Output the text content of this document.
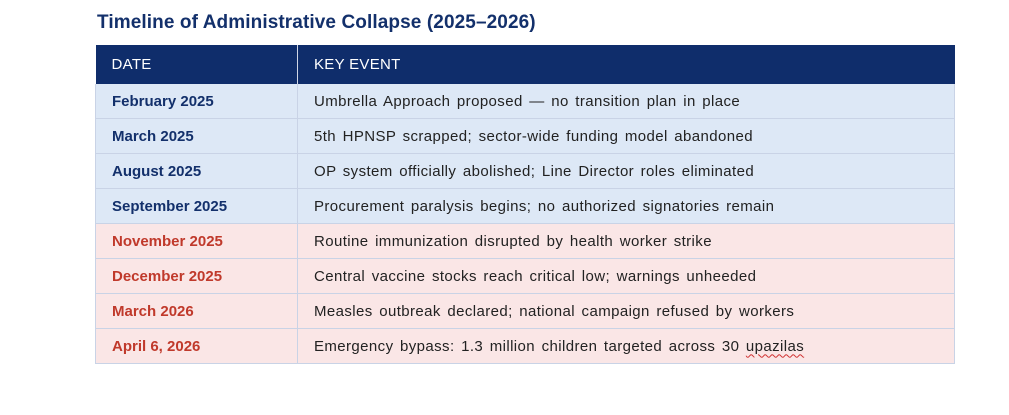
Timeline of Administrative Collapse (2025–2026)
DATE	KEY EVENT
February 2025	Umbrella Approach proposed — no transition plan in place
March 2025	5th HPNSP scrapped; sector-wide funding model abandoned
August 2025	OP system officially abolished; Line Director roles eliminated
September 2025	Procurement paralysis begins; no authorized signatories remain
November 2025	Routine immunization disrupted by health worker strike
December 2025	Central vaccine stocks reach critical low; warnings unheeded
March 2026	Measles outbreak declared; national campaign refused by workers
April 6, 2026	Emergency bypass: 1.3 million children targeted across 30 upazilas
